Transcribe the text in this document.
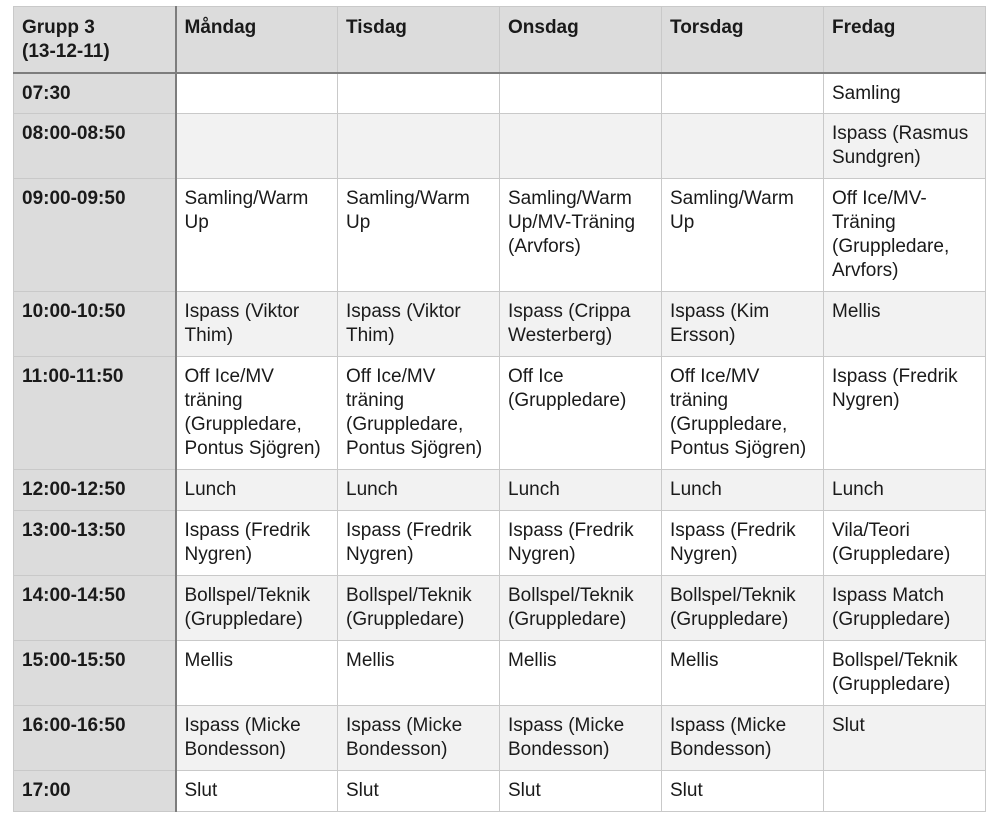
Grupp 3
(13-12-11)	Måndag	Tisdag	Onsdag	Torsdag	Fredag
07:30					Samling
08:00-08:50					Ispass (Rasmus Sundgren)
09:00-09:50	Samling/Warm Up	Samling/Warm Up	Samling/Warm Up/MV-Träning (Arvfors)	Samling/Warm Up	Off Ice/MV-Träning (Gruppledare, Arvfors)
10:00-10:50	Ispass (Viktor Thim)	Ispass (Viktor Thim)	Ispass (Crippa Westerberg)	Ispass (Kim Ersson)	Mellis
11:00-11:50	Off Ice/MV träning (Gruppledare, Pontus Sjögren)	Off Ice/MV träning (Gruppledare, Pontus Sjögren)	Off Ice (Gruppledare)	Off Ice/MV träning (Gruppledare, Pontus Sjögren)	Ispass (Fredrik Nygren)
12:00-12:50	Lunch	Lunch	Lunch	Lunch	Lunch
13:00-13:50	Ispass (Fredrik Nygren)	Ispass (Fredrik Nygren)	Ispass (Fredrik Nygren)	Ispass (Fredrik Nygren)	Vila/Teori (Gruppledare)
14:00-14:50	Bollspel/Teknik (Gruppledare)	Bollspel/Teknik (Gruppledare)	Bollspel/Teknik (Gruppledare)	Bollspel/Teknik (Gruppledare)	Ispass Match (Gruppledare)
15:00-15:50	Mellis	Mellis	Mellis	Mellis	Bollspel/Teknik (Gruppledare)
16:00-16:50	Ispass (Micke Bondesson)	Ispass (Micke Bondesson)	Ispass (Micke Bondesson)	Ispass (Micke Bondesson)	Slut
17:00	Slut	Slut	Slut	Slut	
